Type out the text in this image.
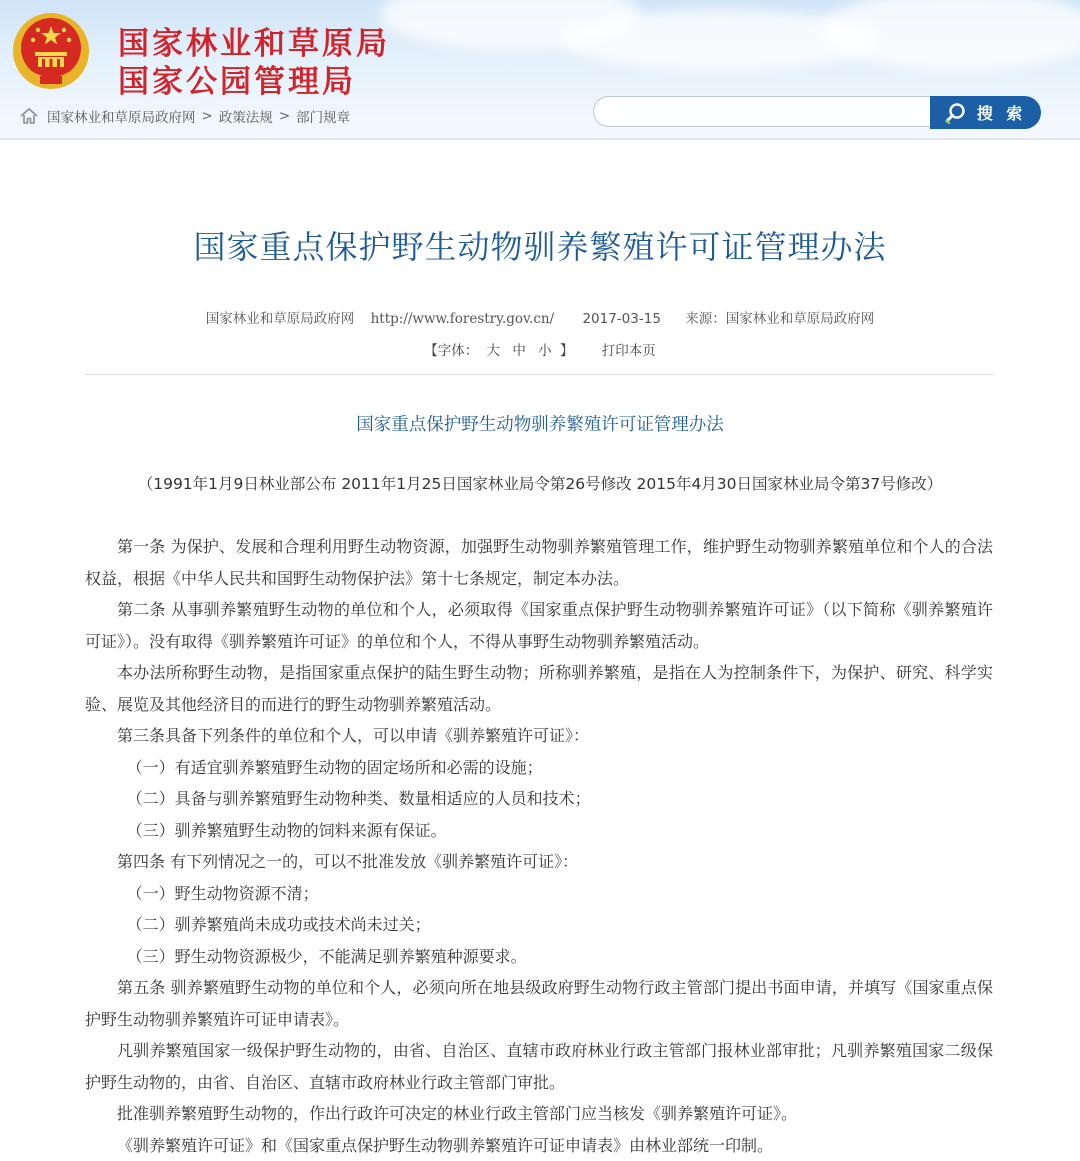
国家林业和草原局
国家公园管理局
国家林业和草原局政府网 > 政策法规 > 部门规章	搜 索
国家重点保护野生动物驯养繁殖许可证管理办法
国家林业和草原局政府网 http://www.forestry.gov.cn/ 2017-03-15 来源：国家林业和草原局政府网
【字体： 大 中 小 】 打印本页
国家重点保护野生动物驯养繁殖许可证管理办法
（1991年1月9日林业部公布 2011年1月25日国家林业局令第26号修改 2015年4月30日国家林业局令第37号修改）

第一条 为保护、发展和合理利用野生动物资源，加强野生动物驯养繁殖管理工作，维护野生动物驯养繁殖单位和个人的合法权益，根据《中华人民共和国野生动物保护法》第十七条规定，制定本办法。

第二条 从事驯养繁殖野生动物的单位和个人，必须取得《国家重点保护野生动物驯养繁殖许可证》（以下简称《驯养繁殖许可证》）。没有取得《驯养繁殖许可证》的单位和个人，不得从事野生动物驯养繁殖活动。

本办法所称野生动物，是指国家重点保护的陆生野生动物；所称驯养繁殖，是指在人为控制条件下，为保护、研究、科学实验、展览及其他经济目的而进行的野生动物驯养繁殖活动。

第三条具备下列条件的单位和个人，可以申请《驯养繁殖许可证》：

（一）有适宜驯养繁殖野生动物的固定场所和必需的设施；

（二）具备与驯养繁殖野生动物种类、数量相适应的人员和技术；

（三）驯养繁殖野生动物的饲料来源有保证。

第四条 有下列情况之一的，可以不批准发放《驯养繁殖许可证》：

（一）野生动物资源不清；

（二）驯养繁殖尚未成功或技术尚未过关；

（三）野生动物资源极少，不能满足驯养繁殖种源要求。

第五条 驯养繁殖野生动物的单位和个人，必须向所在地县级政府野生动物行政主管部门提出书面申请，并填写《国家重点保护野生动物驯养繁殖许可证申请表》。

凡驯养繁殖国家一级保护野生动物的，由省、自治区、直辖市政府林业行政主管部门报林业部审批；凡驯养繁殖国家二级保护野生动物的，由省、自治区、直辖市政府林业行政主管部门审批。

批准驯养繁殖野生动物的，作出行政许可决定的林业行政主管部门应当核发《驯养繁殖许可证》。

《驯养繁殖许可证》和《国家重点保护野生动物驯养繁殖许可证申请表》由林业部统一印制。
